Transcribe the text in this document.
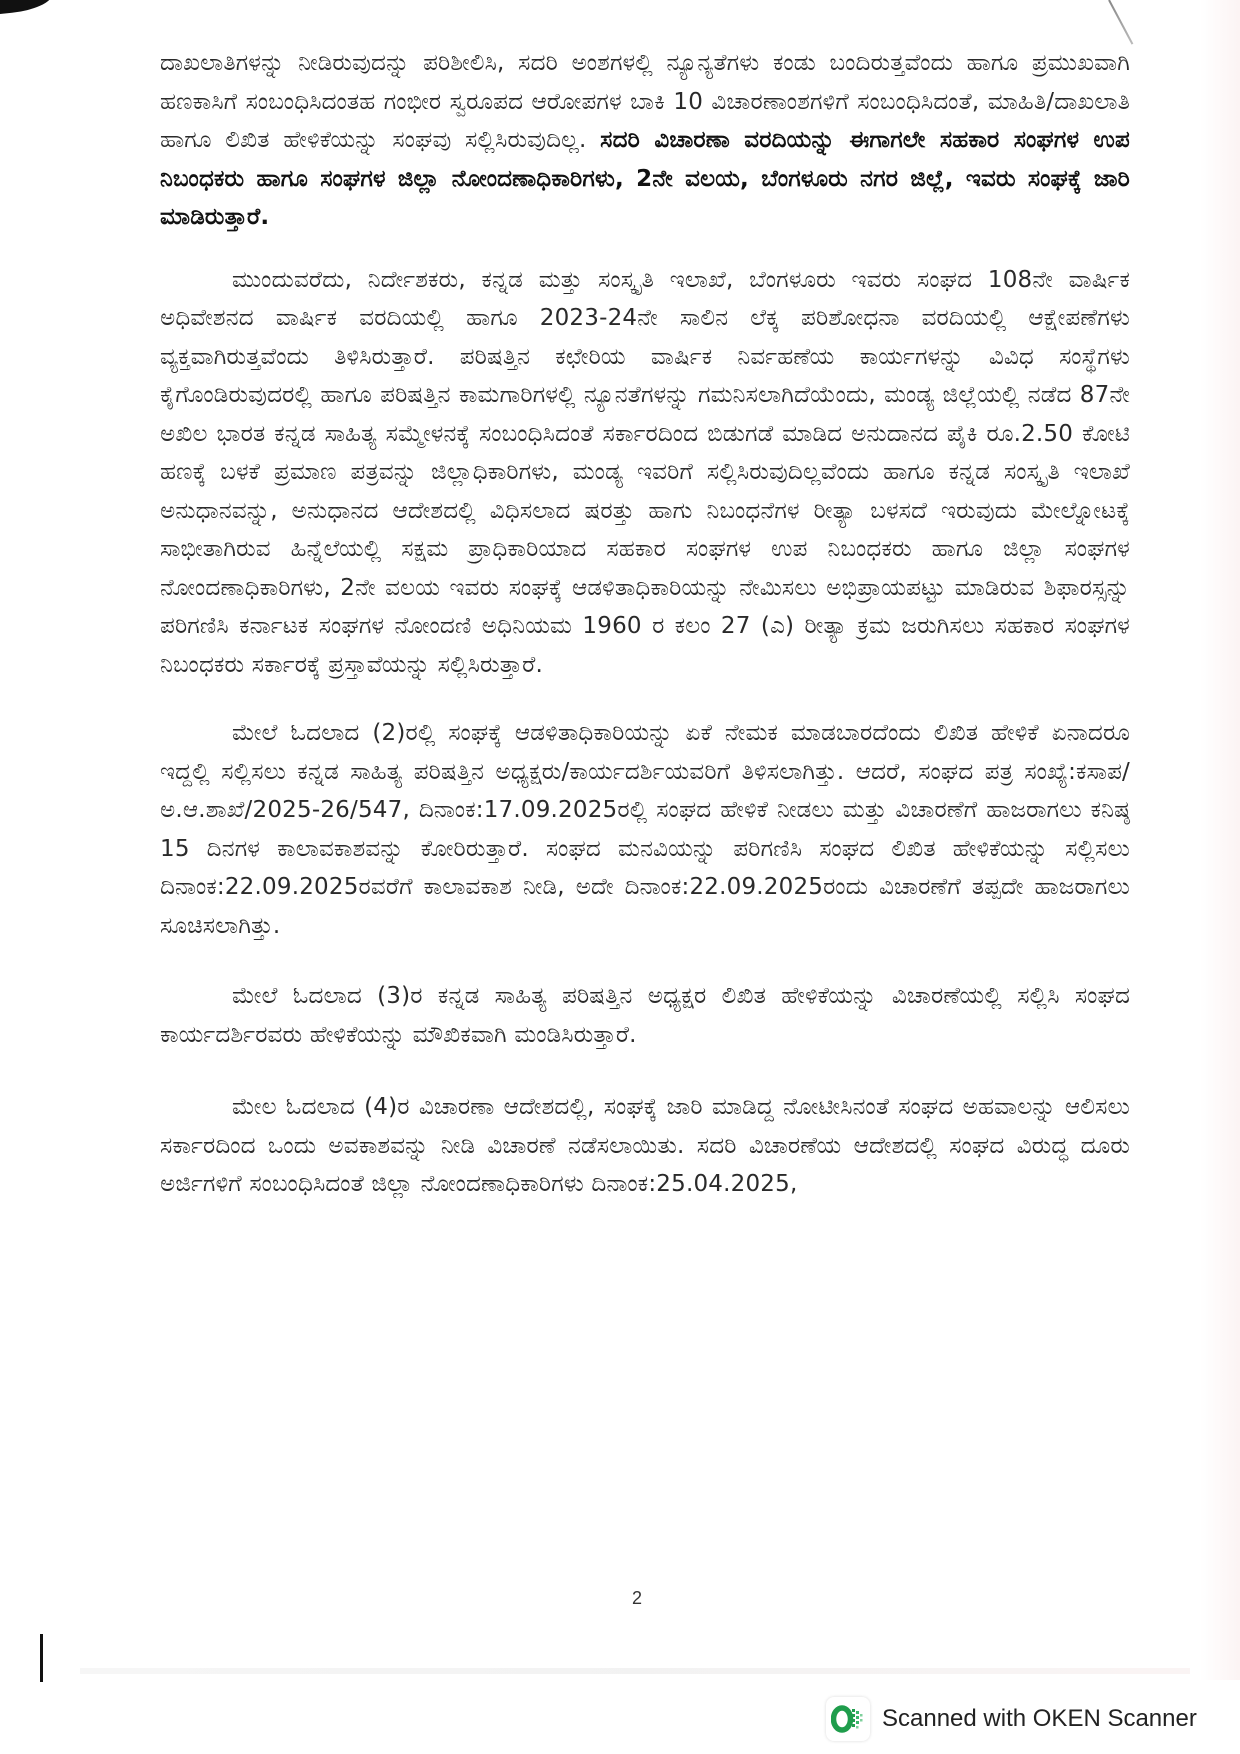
ದಾಖಲಾತಿಗಳನ್ನು ನೀಡಿರುವುದನ್ನು ಪರಿಶೀಲಿಸಿ, ಸದರಿ ಅಂಶಗಳಲ್ಲಿ ನ್ಯೂನ್ಯತೆಗಳು ಕಂಡು ಬಂದಿರುತ್ತವೆಂದು ಹಾಗೂ ಪ್ರಮುಖವಾಗಿ ಹಣಕಾಸಿಗೆ ಸಂಬಂಧಿಸಿದಂತಹ ಗಂಭೀರ ಸ್ವರೂಪದ ಆರೋಪಗಳ ಬಾಕಿ 10 ವಿಚಾರಣಾಂಶಗಳಿಗೆ ಸಂಬಂಧಿಸಿದಂತೆ, ಮಾಹಿತಿ/ದಾಖಲಾತಿ ಹಾಗೂ ಲಿಖಿತ ಹೇಳಿಕೆಯನ್ನು ಸಂಘವು ಸಲ್ಲಿಸಿರುವುದಿಲ್ಲ. ಸದರಿ ವಿಚಾರಣಾ ವರದಿಯನ್ನು ಈಗಾಗಲೇ ಸಹಕಾರ ಸಂಘಗಳ ಉಪ ನಿಬಂಧಕರು ಹಾಗೂ ಸಂಘಗಳ ಜಿಲ್ಲಾ ನೋಂದಣಾಧಿಕಾರಿಗಳು, 2ನೇ ವಲಯ, ಬೆಂಗಳೂರು ನಗರ ಜಿಲ್ಲೆ, ಇವರು ಸಂಘಕ್ಕೆ ಜಾರಿ ಮಾಡಿರುತ್ತಾರೆ.

ಮುಂದುವರೆದು, ನಿರ್ದೇಶಕರು, ಕನ್ನಡ ಮತ್ತು ಸಂಸ್ಕೃತಿ ಇಲಾಖೆ, ಬೆಂಗಳೂರು ಇವರು ಸಂಘದ 108ನೇ ವಾರ್ಷಿಕ ಅಧಿವೇಶನದ ವಾರ್ಷಿಕ ವರದಿಯಲ್ಲಿ ಹಾಗೂ 2023-24ನೇ ಸಾಲಿನ ಲೆಕ್ಕ ಪರಿಶೋಧನಾ ವರದಿಯಲ್ಲಿ ಆಕ್ಷೇಪಣೆಗಳು ವ್ಯಕ್ತವಾಗಿರುತ್ತವೆಂದು ತಿಳಿಸಿರುತ್ತಾರೆ. ಪರಿಷತ್ತಿನ ಕಛೇರಿಯ ವಾರ್ಷಿಕ ನಿರ್ವಹಣೆಯ ಕಾರ್ಯಗಳನ್ನು ವಿವಿಧ ಸಂಸ್ಥೆಗಳು ಕೈಗೊಂಡಿರುವುದರಲ್ಲಿ ಹಾಗೂ ಪರಿಷತ್ತಿನ ಕಾಮಗಾರಿಗಳಲ್ಲಿ ನ್ಯೂನತೆಗಳನ್ನು ಗಮನಿಸಲಾಗಿದೆಯೆಂದು, ಮಂಡ್ಯ ಜಿಲ್ಲೆಯಲ್ಲಿ ನಡೆದ 87ನೇ ಅಖಿಲ ಭಾರತ ಕನ್ನಡ ಸಾಹಿತ್ಯ ಸಮ್ಮೇಳನಕ್ಕೆ ಸಂಬಂಧಿಸಿದಂತೆ ಸರ್ಕಾರದಿಂದ ಬಿಡುಗಡೆ ಮಾಡಿದ ಅನುದಾನದ ಪೈಕಿ ರೂ.2.50 ಕೋಟಿ ಹಣಕ್ಕೆ ಬಳಕೆ ಪ್ರಮಾಣ ಪತ್ರವನ್ನು ಜಿಲ್ಲಾಧಿಕಾರಿಗಳು, ಮಂಡ್ಯ ಇವರಿಗೆ ಸಲ್ಲಿಸಿರುವುದಿಲ್ಲವೆಂದು ಹಾಗೂ ಕನ್ನಡ ಸಂಸ್ಕೃತಿ ಇಲಾಖೆ ಅನುಧಾನವನ್ನು, ಅನುಧಾನದ ಆದೇಶದಲ್ಲಿ ವಿಧಿಸಲಾದ ಷರತ್ತು ಹಾಗು ನಿಬಂಧನೆಗಳ ರೀತ್ಯಾ ಬಳಸದೆ ಇರುವುದು ಮೇಲ್ನೋಟಕ್ಕೆ ಸಾಭೀತಾಗಿರುವ ಹಿನ್ನೆಲೆಯಲ್ಲಿ ಸಕ್ಷಮ ಪ್ರಾಧಿಕಾರಿಯಾದ ಸಹಕಾರ ಸಂಘಗಳ ಉಪ ನಿಬಂಧಕರು ಹಾಗೂ ಜಿಲ್ಲಾ ಸಂಘಗಳ ನೋಂದಣಾಧಿಕಾರಿಗಳು, 2ನೇ ವಲಯ ಇವರು ಸಂಘಕ್ಕೆ ಆಡಳಿತಾಧಿಕಾರಿಯನ್ನು ನೇಮಿಸಲು ಅಭಿಪ್ರಾಯಪಟ್ಟು ಮಾಡಿರುವ ಶಿಫಾರಸ್ಸನ್ನು ಪರಿಗಣಿಸಿ ಕರ್ನಾಟಕ ಸಂಘಗಳ ನೋಂದಣಿ ಅಧಿನಿಯಮ 1960 ರ ಕಲಂ 27 (ಎ) ರೀತ್ಯಾ ಕ್ರಮ ಜರುಗಿಸಲು ಸಹಕಾರ ಸಂಘಗಳ ನಿಬಂಧಕರು ಸರ್ಕಾರಕ್ಕೆ ಪ್ರಸ್ತಾವೆಯನ್ನು ಸಲ್ಲಿಸಿರುತ್ತಾರೆ.

ಮೇಲೆ ಓದಲಾದ (2)ರಲ್ಲಿ ಸಂಘಕ್ಕೆ ಆಡಳಿತಾಧಿಕಾರಿಯನ್ನು ಏಕೆ ನೇಮಕ ಮಾಡಬಾರದೆಂದು ಲಿಖಿತ ಹೇಳಿಕೆ ಏನಾದರೂ ಇದ್ದಲ್ಲಿ ಸಲ್ಲಿಸಲು ಕನ್ನಡ ಸಾಹಿತ್ಯ ಪರಿಷತ್ತಿನ ಅಧ್ಯಕ್ಷರು/ಕಾರ್ಯದರ್ಶಿಯವರಿಗೆ ತಿಳಿಸಲಾಗಿತ್ತು. ಆದರೆ, ಸಂಘದ ಪತ್ರ ಸಂಖ್ಯೆ:ಕಸಾಪ/ಅ.ಆ.ಶಾಖೆ/2025-26/547, ದಿನಾಂಕ:17.09.2025ರಲ್ಲಿ ಸಂಘದ ಹೇಳಿಕೆ ನೀಡಲು ಮತ್ತು ವಿಚಾರಣೆಗೆ ಹಾಜರಾಗಲು ಕನಿಷ್ಠ 15 ದಿನಗಳ ಕಾಲಾವಕಾಶವನ್ನು ಕೋರಿರುತ್ತಾರೆ. ಸಂಘದ ಮನವಿಯನ್ನು ಪರಿಗಣಿಸಿ ಸಂಘದ ಲಿಖಿತ ಹೇಳಿಕೆಯನ್ನು ಸಲ್ಲಿಸಲು ದಿನಾಂಕ:22.09.2025ರವರೆಗೆ ಕಾಲಾವಕಾಶ ನೀಡಿ, ಅದೇ ದಿನಾಂಕ:22.09.2025ರಂದು ವಿಚಾರಣೆಗೆ ತಪ್ಪದೇ ಹಾಜರಾಗಲು ಸೂಚಿಸಲಾಗಿತ್ತು.

ಮೇಲೆ ಓದಲಾದ (3)ರ ಕನ್ನಡ ಸಾಹಿತ್ಯ ಪರಿಷತ್ತಿನ ಅಧ್ಯಕ್ಷರ ಲಿಖಿತ ಹೇಳಿಕೆಯನ್ನು ವಿಚಾರಣೆಯಲ್ಲಿ ಸಲ್ಲಿಸಿ ಸಂಘದ ಕಾರ್ಯದರ್ಶಿರವರು ಹೇಳಿಕೆಯನ್ನು ಮೌಖಿಕವಾಗಿ ಮಂಡಿಸಿರುತ್ತಾರೆ.

ಮೇಲ ಓದಲಾದ (4)ರ ವಿಚಾರಣಾ ಆದೇಶದಲ್ಲಿ, ಸಂಘಕ್ಕೆ ಜಾರಿ ಮಾಡಿದ್ದ ನೋಟೀಸಿನಂತೆ ಸಂಘದ ಅಹವಾಲನ್ನು ಆಲಿಸಲು ಸರ್ಕಾರದಿಂದ ಒಂದು ಅವಕಾಶವನ್ನು ನೀಡಿ ವಿಚಾರಣೆ ನಡೆಸಲಾಯಿತು. ಸದರಿ ವಿಚಾರಣೆಯ ಆದೇಶದಲ್ಲಿ ಸಂಘದ ವಿರುದ್ಧ ದೂರು ಅರ್ಜಿಗಳಿಗೆ ಸಂಬಂಧಿಸಿದಂತೆ ಜಿಲ್ಲಾ ನೋಂದಣಾಧಿಕಾರಿಗಳು ದಿನಾಂಕ:25.04.2025,

2
Scanned with OKEN Scanner
